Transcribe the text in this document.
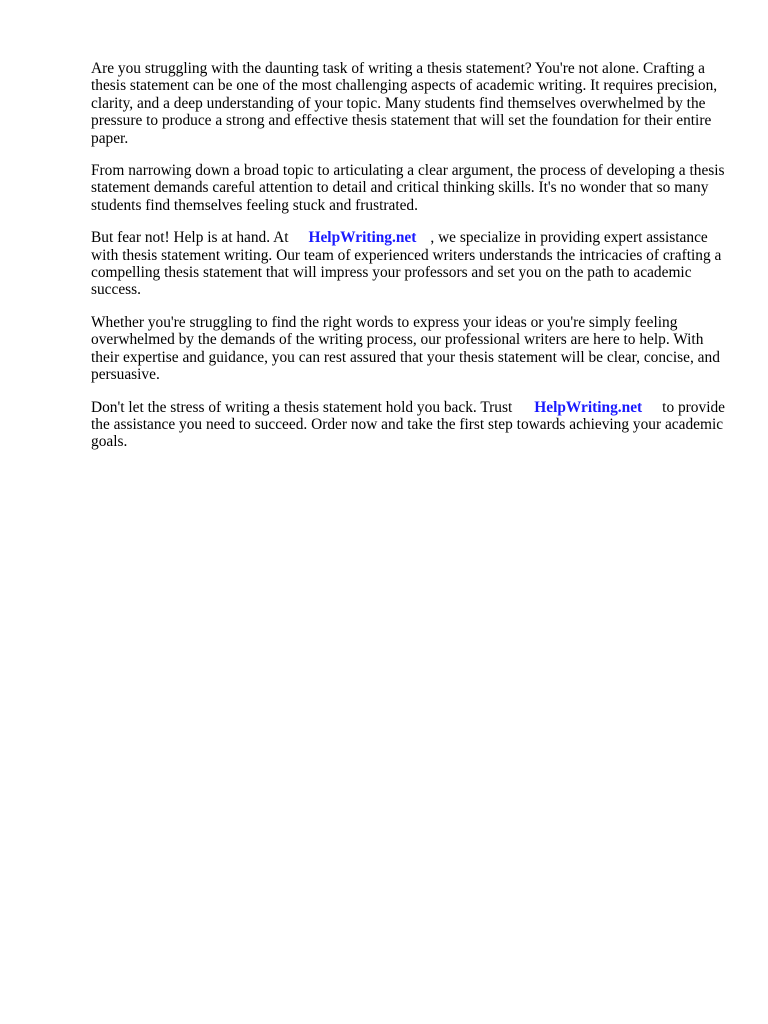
Are you struggling with the daunting task of writing a thesis statement? You're not alone. Crafting a thesis statement can be one of the most challenging aspects of academic writing. It requires precision, clarity, and a deep understanding of your topic. Many students find themselves overwhelmed by the pressure to produce a strong and effective thesis statement that will set the foundation for their entire paper.

From narrowing down a broad topic to articulating a clear argument, the process of developing a thesis statement demands careful attention to detail and critical thinking skills. It's no wonder that so many students find themselves feeling stuck and frustrated.

But fear not! Help is at hand. At HelpWriting.net , we specialize in providing expert assistance with thesis statement writing. Our team of experienced writers understands the intricacies of crafting a compelling thesis statement that will impress your professors and set you on the path to academic success.

Whether you're struggling to find the right words to express your ideas or you're simply feeling overwhelmed by the demands of the writing process, our professional writers are here to help. With their expertise and guidance, you can rest assured that your thesis statement will be clear, concise, and persuasive.

Don't let the stress of writing a thesis statement hold you back. Trust HelpWriting.net to provide the assistance you need to succeed. Order now and take the first step towards achieving your academic goals.
